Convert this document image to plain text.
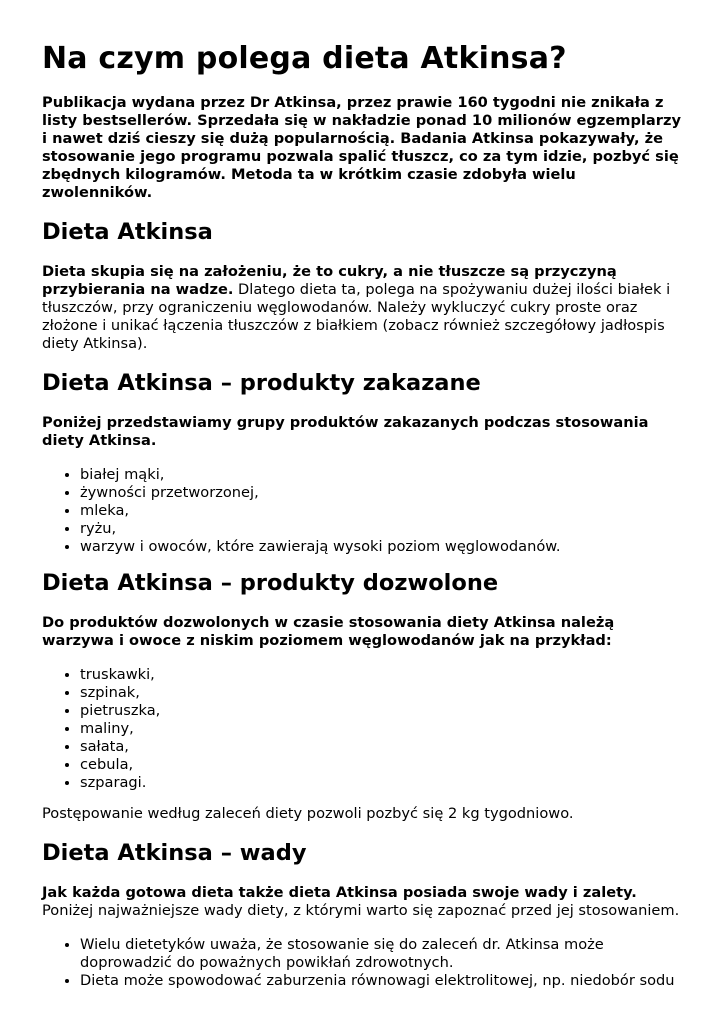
Na czym polega dieta Atkinsa?

Publikacja wydana przez Dr Atkinsa, przez prawie 160 tygodni nie znikała z listy bestsellerów. Sprzedała się w nakładzie ponad 10 milionów egzemplarzy i nawet dziś cieszy się dużą popularnością. Badania Atkinsa pokazywały, że stosowanie jego programu pozwala spalić tłuszcz, co za tym idzie, pozbyć się zbędnych kilogramów. Metoda ta w krótkim czasie zdobyła wielu zwolenników.

Dieta Atkinsa

Dieta skupia się na założeniu, że to cukry, a nie tłuszcze są przyczyną przybierania na wadze. Dlatego dieta ta, polega na spożywaniu dużej ilości białek i tłuszczów, przy ograniczeniu węglowodanów. Należy wykluczyć cukry proste oraz złożone i unikać łączenia tłuszczów z białkiem (zobacz również szczegółowy jadłospis diety Atkinsa).

Dieta Atkinsa – produkty zakazane

Poniżej przedstawiamy grupy produktów zakazanych podczas stosowania diety Atkinsa.

• białej mąki,
• żywności przetworzonej,
• mleka,
• ryżu,
• warzyw i owoców, które zawierają wysoki poziom węglowodanów.
Dieta Atkinsa – produkty dozwolone

Do produktów dozwolonych w czasie stosowania diety Atkinsa należą warzywa i owoce z niskim poziomem węglowodanów jak na przykład:

• truskawki,
• szpinak,
• pietruszka,
• maliny,
• sałata,
• cebula,
• szparagi.

Postępowanie według zaleceń diety pozwoli pozbyć się 2 kg tygodniowo.

Dieta Atkinsa – wady

Jak każda gotowa dieta także dieta Atkinsa posiada swoje wady i zalety. Poniżej najważniejsze wady diety, z którymi warto się zapoznać przed jej stosowaniem.

• Wielu dietetyków uważa, że stosowanie się do zaleceń dr. Atkinsa może doprowadzić do poważnych powikłań zdrowotnych.
• Dieta może spowodować zaburzenia równowagi elektrolitowej, np. niedobór sodu
